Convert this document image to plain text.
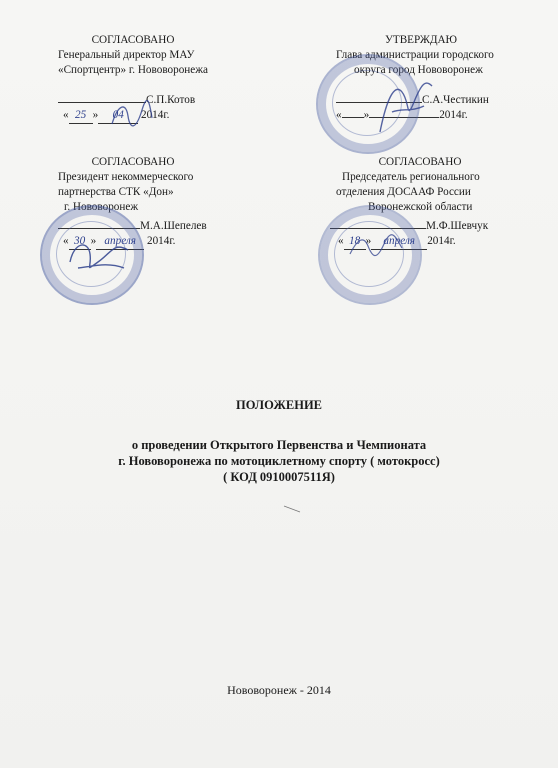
СОГЛАСОВАНО
Генеральный директор МАУ
«Спортцентр» г. Нововоронежа
С.П.Котов
« 25 » 04 2014г.
УТВЕРЖДАЮ
Глава администрации городского
округа город Нововоронеж
С.А.Честикин
« »	2014г.
СОГЛАСОВАНО
Президент некоммерческого
партнерства СТК «Дон»
г. Нововоронеж
М.А.Шепелев
« 30 » апреля 2014г.
СОГЛАСОВАНО
Председатель регионального
отделения ДОСААФ России
Воронежской области
М.Ф.Шевчук
« 18 » апреля 2014г.
ПОЛОЖЕНИЕ
о проведении Открытого Первенства и Чемпионата
г. Нововоронежа по мотоциклетному спорту ( мотокросс)
( КОД 0910007511Я)
Нововоронеж - 2014
